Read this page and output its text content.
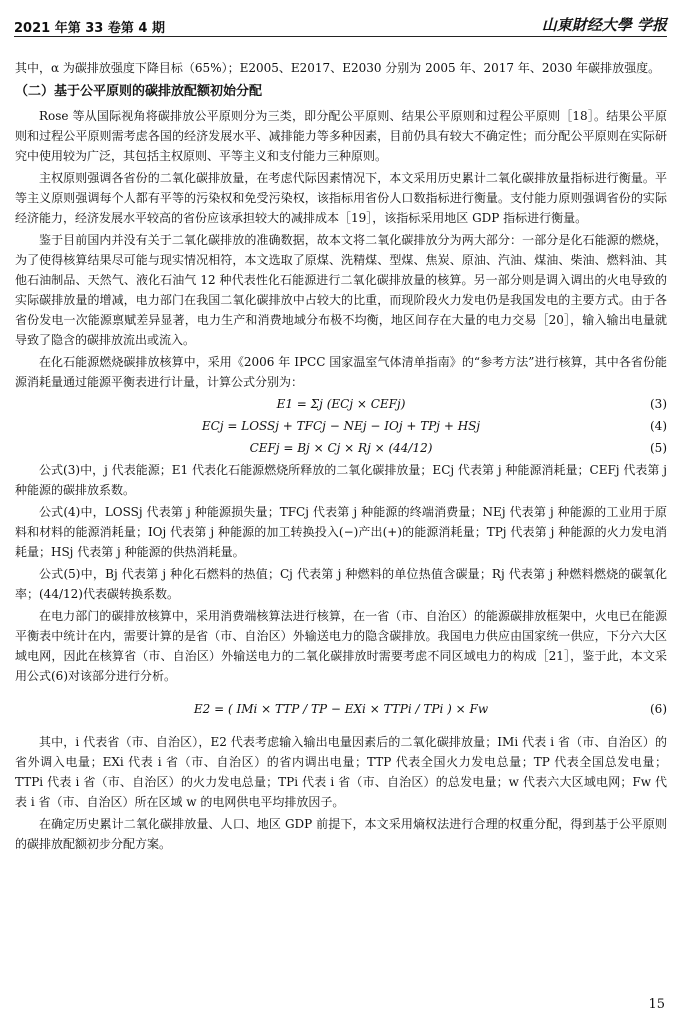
2021 年第 33 卷第 4 期	山東財经大學 学报

其中，α 为碳排放强度下降目标（65%）；E2005、E2017、E2030 分别为 2005 年、2017 年、2030 年碳排放强度。

（二）基于公平原则的碳排放配额初始分配

Rose 等从国际视角将碳排放公平原则分为三类，即分配公平原则、结果公平原则和过程公平原则［18］。结果公平原则和过程公平原则需考虑各国的经济发展水平、减排能力等多种因素，目前仍具有较大不确定性；而分配公平原则在实际研究中使用较为广泛，其包括主权原则、平等主义和支付能力三种原则。

主权原则强调各省份的二氧化碳排放量，在考虑代际因素情况下，本文采用历史累计二氧化碳排放量指标进行衡量。平等主义原则强调每个人都有平等的污染权和免受污染权，该指标用省份人口数指标进行衡量。支付能力原则强调省份的实际经济能力，经济发展水平较高的省份应该承担较大的减排成本［19］，该指标采用地区 GDP 指标进行衡量。

鉴于目前国内并没有关于二氧化碳排放的准确数据，故本文将二氧化碳排放分为两大部分：一部分是化石能源的燃烧，为了使得核算结果尽可能与现实情况相符，本文选取了原煤、洗精煤、型煤、焦炭、原油、汽油、煤油、柴油、燃料油、其他石油制品、天然气、液化石油气 12 种代表性化石能源进行二氧化碳排放量的核算。另一部分则是调入调出的火电导致的实际碳排放量的增减，电力部门在我国二氧化碳排放中占较大的比重，而现阶段火力发电仍是我国发电的主要方式。由于各省份发电一次能源禀赋差异显著，电力生产和消费地域分布极不均衡，地区间存在大量的电力交易［20］，输入输出电量就导致了隐含的碳排放流出或流入。

在化石能源燃烧碳排放核算中，采用《2006 年 IPCC 国家温室气体清单指南》的“参考方法”进行核算，其中各省份能源消耗量通过能源平衡表进行计量，计算公式分别为：

E1 = Σj (ECj × CEFj)	(3)
ECj = LOSSj + TFCj − NEj − IOj + TPj + HSj	(4)
CEFj = Bj × Cj × Rj × (44/12)	(5)

公式(3)中，j 代表能源；E1 代表化石能源燃烧所释放的二氧化碳排放量；ECj 代表第 j 种能源消耗量；CEFj 代表第 j 种能源的碳排放系数。

公式(4)中，LOSSj 代表第 j 种能源损失量；TFCj 代表第 j 种能源的终端消费量；NEj 代表第 j 种能源的工业用于原料和材料的能源消耗量；IOj 代表第 j 种能源的加工转换投入(−)产出(+)的能源消耗量；TPj 代表第 j 种能源的火力发电消耗量；HSj 代表第 j 种能源的供热消耗量。

公式(5)中，Bj 代表第 j 种化石燃料的热值；Cj 代表第 j 种燃料的单位热值含碳量；Rj 代表第 j 种燃料燃烧的碳氧化率；(44/12)代表碳转换系数。

在电力部门的碳排放核算中，采用消费端核算法进行核算，在一省（市、自治区）的能源碳排放框架中，火电已在能源平衡表中统计在内，需要计算的是省（市、自治区）外输送电力的隐含碳排放。我国电力供应由国家统一供应，下分六大区域电网，因此在核算省（市、自治区）外输送电力的二氧化碳排放时需要考虑不同区域电力的构成［21］，鉴于此，本文采用公式(6)对该部分进行分析。

E2 = ( IMi × TTP / TP − EXi × TTPi / TPi ) × Fw	(6)

其中，i 代表省（市、自治区），E2 代表考虑输入输出电量因素后的二氧化碳排放量；IMi 代表 i 省（市、自治区）的省外调入电量；EXi 代表 i 省（市、自治区）的省内调出电量；TTP 代表全国火力发电总量；TP 代表全国总发电量；TTPi 代表 i 省（市、自治区）的火力发电总量；TPi 代表 i 省（市、自治区）的总发电量；w 代表六大区域电网；Fw 代表 i 省（市、自治区）所在区域 w 的电网供电平均排放因子。

在确定历史累计二氧化碳排放量、人口、地区 GDP 前提下，本文采用熵权法进行合理的权重分配，得到基于公平原则的碳排放配额初步分配方案。

15
